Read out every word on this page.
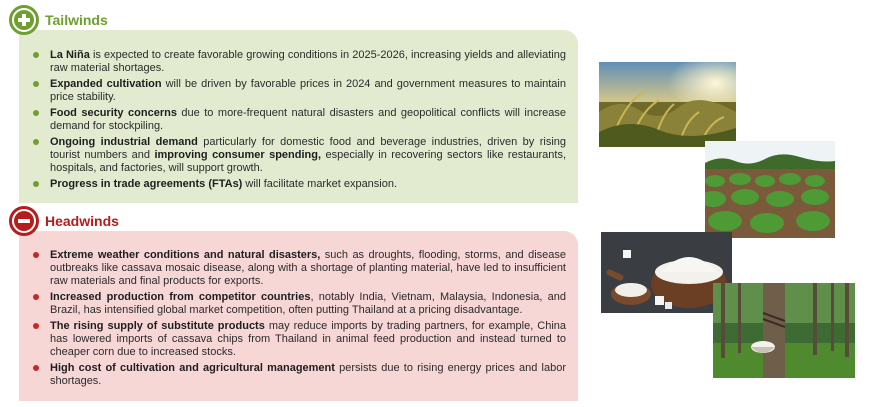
Tailwinds
La Niña is expected to create favorable growing conditions in 2025-2026, increasing yields and alleviating raw material shortages.
Expanded cultivation will be driven by favorable prices in 2024 and government measures to maintain price stability.
Food security concerns due to more-frequent natural disasters and geopolitical conflicts will increase demand for stockpiling.
Ongoing industrial demand particularly for domestic food and beverage industries, driven by rising tourist numbers and improving consumer spending, especially in recovering sectors like restaurants, hospitals, and factories, will support growth.
Progress in trade agreements (FTAs) will facilitate market expansion.
Headwinds
Extreme weather conditions and natural disasters, such as droughts, flooding, storms, and disease outbreaks like cassava mosaic disease, along with a shortage of planting material, have led to insufficient raw materials and final products for exports.
Increased production from competitor countries, notably India, Vietnam, Malaysia, Indonesia, and Brazil, has intensified global market competition, often putting Thailand at a pricing disadvantage.
The rising supply of substitute products may reduce imports by trading partners, for example, China has lowered imports of cassava chips from Thailand in animal feed production and instead turned to cheaper corn due to increased stocks.
High cost of cultivation and agricultural management persists due to rising energy prices and labor shortages.
